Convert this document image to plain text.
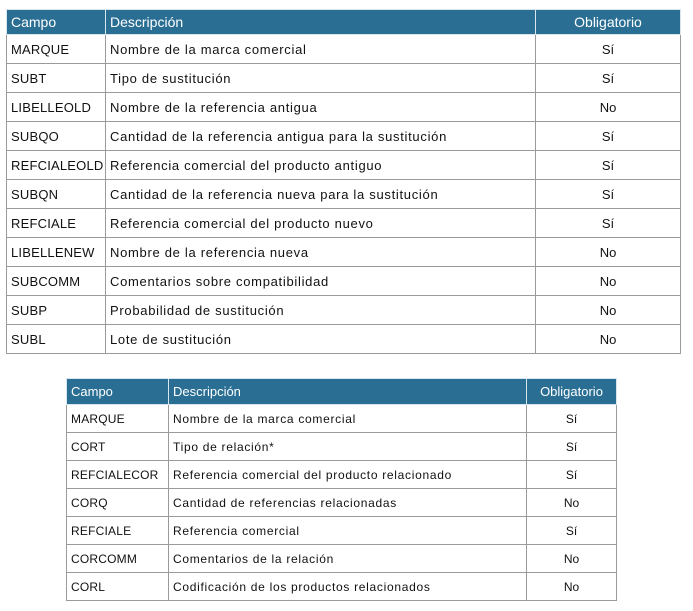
Campo	Descripción	Obligatorio
MARQUE	Nombre de la marca comercial	Sí
SUBT	Tipo de sustitución	Sí
LIBELLEOLD	Nombre de la referencia antigua	No
SUBQO	Cantidad de la referencia antigua para la sustitución	Sí
REFCIALEOLD	Referencia comercial del producto antiguo	Sí
SUBQN	Cantidad de la referencia nueva para la sustitución	Sí
REFCIALE	Referencia comercial del producto nuevo	Sí
LIBELLENEW	Nombre de la referencia nueva	No
SUBCOMM	Comentarios sobre compatibilidad	No
SUBP	Probabilidad de sustitución	No
SUBL	Lote de sustitución	No
Campo	Descripción	Obligatorio
MARQUE	Nombre de la marca comercial	Sí
CORT	Tipo de relación*	Sí
REFCIALECOR	Referencia comercial del producto relacionado	Sí
CORQ	Cantidad de referencias relacionadas	No
REFCIALE	Referencia comercial	Sí
CORCOMM	Comentarios de la relación	No
CORL	Codificación de los productos relacionados	No
